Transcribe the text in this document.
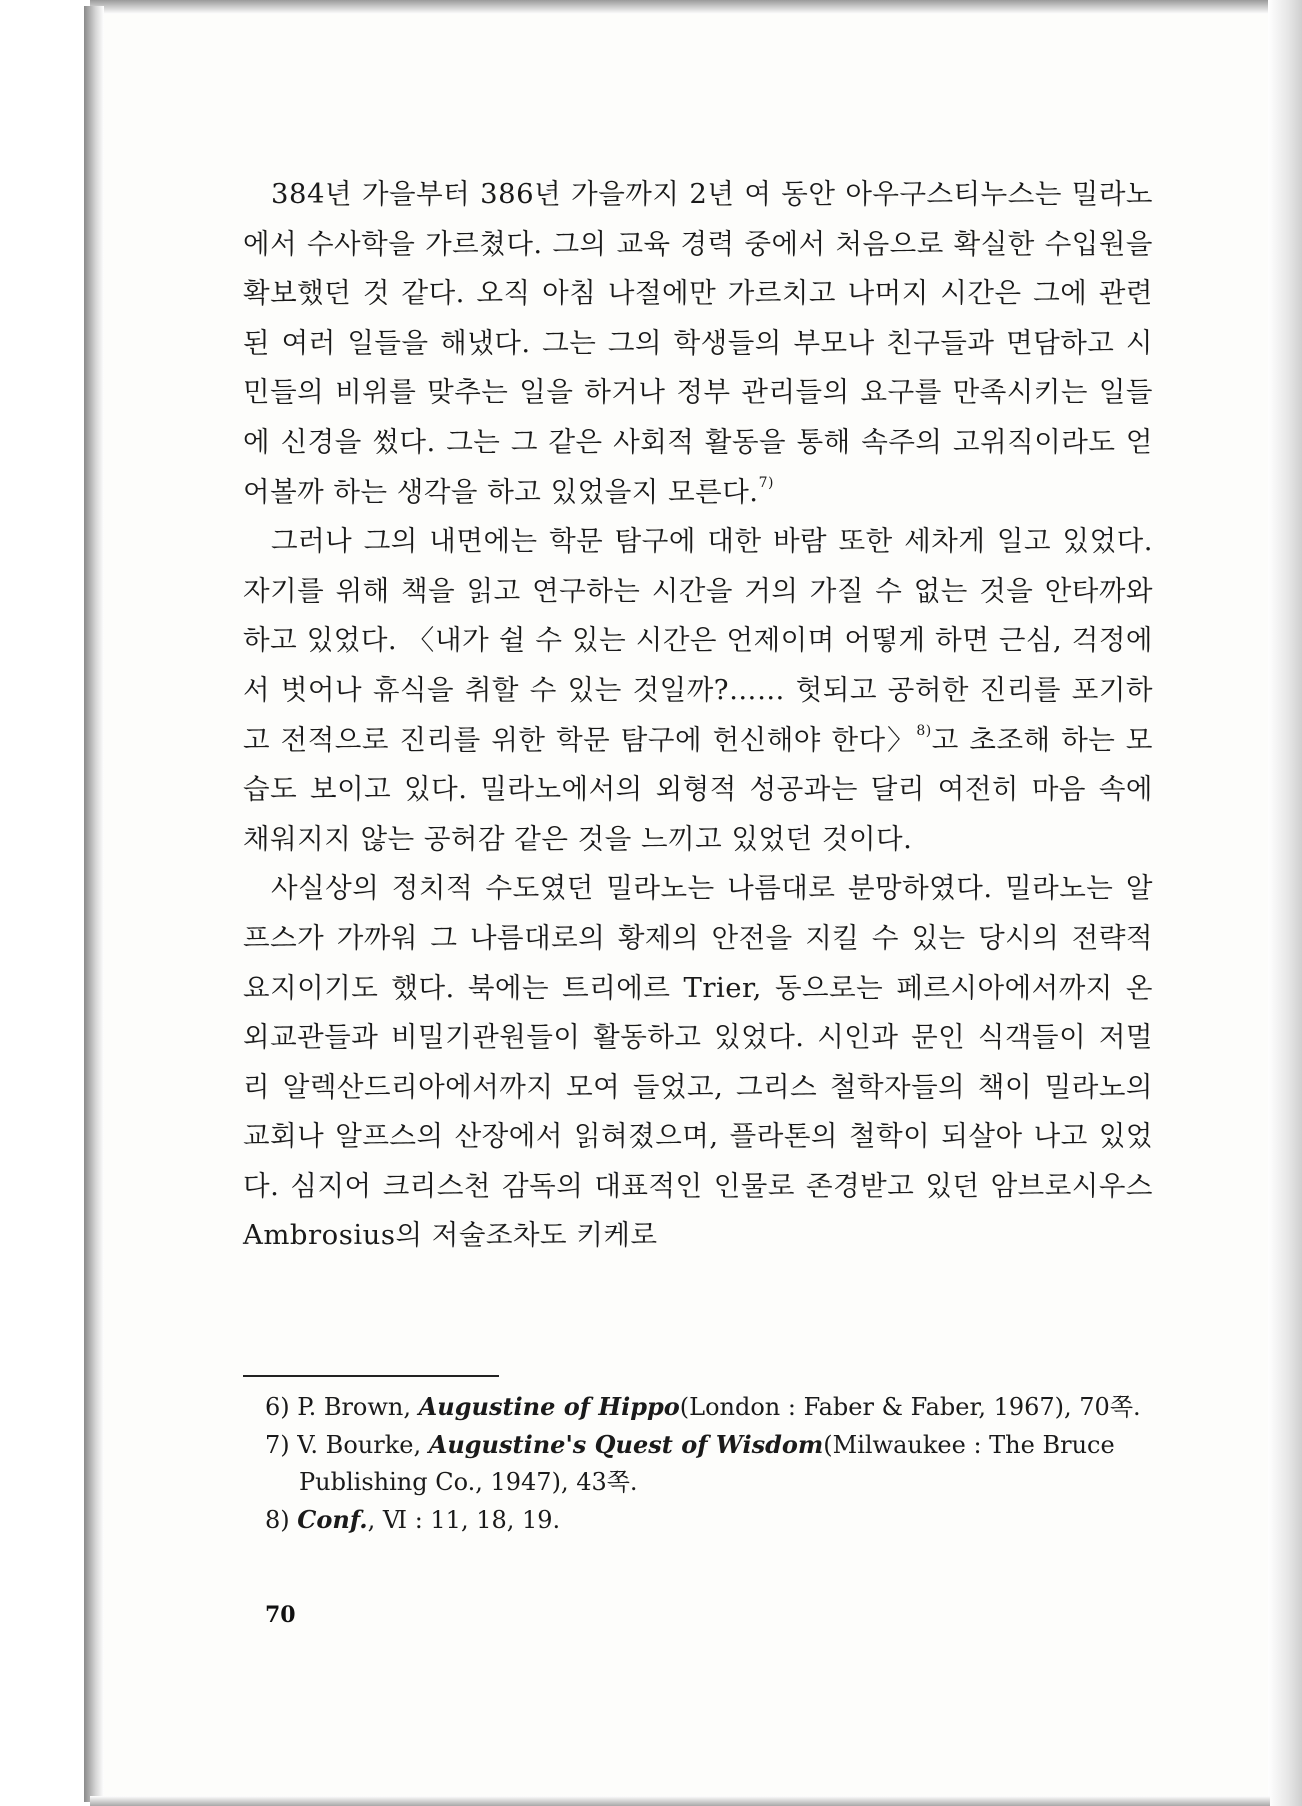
384년 가을부터 386년 가을까지 2년 여 동안 아우구스티누스는 밀라노에서 수사학을 가르쳤다. 그의 교육 경력 중에서 처음으로 확실한 수입원을 확보했던 것 같다. 오직 아침 나절에만 가르치고 나머지 시간은 그에 관련된 여러 일들을 해냈다. 그는 그의 학생들의 부모나 친구들과 면담하고 시민들의 비위를 맞추는 일을 하거나 정부 관리들의 요구를 만족시키는 일들에 신경을 썼다. 그는 그 같은 사회적 활동을 통해 속주의 고위직이라도 얻어볼까 하는 생각을 하고 있었을지 모른다.$^{7)}$

그러나 그의 내면에는 학문 탐구에 대한 바람 또한 세차게 일고 있었다. 자기를 위해 책을 읽고 연구하는 시간을 거의 가질 수 없는 것을 안타까와 하고 있었다. 〈내가 쉴 수 있는 시간은 언제이며 어떻게 하면 근심, 걱정에서 벗어나 휴식을 취할 수 있는 것일까?…… 헛되고 공허한 진리를 포기하고 전적으로 진리를 위한 학문 탐구에 헌신해야 한다〉$^{8)}$고 초조해 하는 모습도 보이고 있다. 밀라노에서의 외형적 성공과는 달리 여전히 마음 속에 채워지지 않는 공허감 같은 것을 느끼고 있었던 것이다.

사실상의 정치적 수도였던 밀라노는 나름대로 분망하였다. 밀라노는 알프스가 가까워 그 나름대로의 황제의 안전을 지킬 수 있는 당시의 전략적 요지이기도 했다. 북에는 트리에르 Trier, 동으로는 페르시아에서까지 온 외교관들과 비밀기관원들이 활동하고 있었다. 시인과 문인 식객들이 저멀리 알렉산드리아에서까지 모여 들었고, 그리스 철학자들의 책이 밀라노의 교회나 알프스의 산장에서 읽혀졌으며, 플라톤의 철학이 되살아 나고 있었다. 심지어 크리스천 감독의 대표적인 인물로 존경받고 있던 암브로시우스 Ambrosius의 저술조차도 키케로

6) P. Brown, Augustine of Hippo(London : Faber & Faber, 1967), 70쪽.

7) V. Bourke, Augustine's Quest of Wisdom(Milwaukee : The Bruce Publishing Co., 1947), 43쪽.

8) Conf., Ⅵ : 11, 18, 19.

70
